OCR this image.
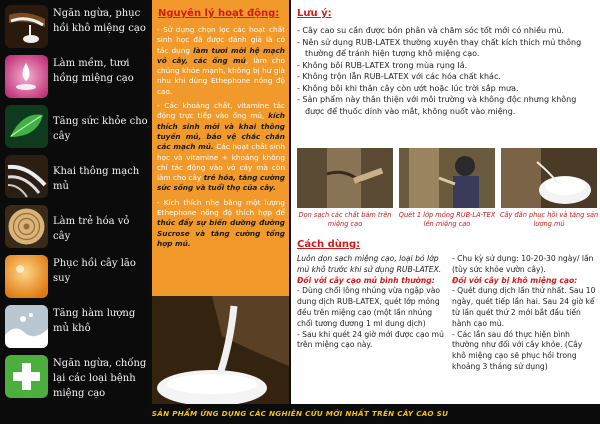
Ngăn ngừa, phục hồi khô miệng cạo
Làm mềm, tươi hồng miệng cạo
Tăng sức khỏe cho cây
Khai thông mạch mủ
Làm trẻ hóa vỏ cây
Phục hồi cây lão suy
Tăng hàm lượng mủ khô
Ngăn ngừa, chống lại các loại bệnh miệng cạo
Nguyên lý hoạt động:

- Sử dụng chọn lọc các hoạt chất sinh học đã được đánh giá là có tác dụng làm tươi mới hệ mạch vỏ cây, các ống mủ, làm cho chúng khỏe mạnh, không bị hư già nhu khi dùng Ethephone nồng độ cao.

- Các khoáng chất, vitamine tác động trực tiếp vào ống mủ, kích thích sinh mới và khai thông tuyến mủ, bảo vệ chắc chắn các mạch mủ. Các hoạt chất sinh học và vitamine + khoáng không chỉ tác động vào vỏ cây mà còn làm cho cây trẻ hóa, tăng cường sức sống và tuổi thọ của cây.

- Kích thích nhẹ bằng một lượng Ethephone nồng độ thích hợp để thúc đẩy sự biến dưỡng đường Sucrose và tăng cường tổng hợp mủ.

Lưu ý:
- Cây cao su cần được bón phân và chăm sóc tốt mới có nhiều mủ.
- Nên sử dụng RUB-LATEX thường xuyên thay chất kích thích mủ thông thường để tránh hiện tượng khô miệng cạo.
- Không bôi RUB-LATEX trong mùa rụng lá.
- Không trộn lẫn RUB-LATEX với các hóa chất khác.
- Không bôi khi thân cây còn ướt hoặc lúc trời sắp mưa.
- Sản phẩm này thân thiện với môi trường và không độc nhưng không được để thuốc dính vào mắt, không nuốt vào miệng.
Dọn sạch các chất bám trên miệng cạo
Quét 1 lớp mỏng RUB-LA-TEX lên miệng cạo
Cây đãn phục hồi và tăng sản lượng mủ
Cách dùng:
Luôn dọn sạch miệng cạo, loại bỏ lớp mủ khô trước khi sử dụng RUB-LATEX.
Đối với cây cạo mủ bình thường:
- Dùng chổi lông nhúng vừa ngập vào dung dịch RUB-LATEX, quét lớp mỏng đều trên miệng cạo (một lần nhúng chổi tương đương 1 ml dung dịch)
- Sau khi quét 24 giờ mới được cạo mủ trên miệng cạo này.
- Chu kỳ sử dụng: 10-20-30 ngày/ lần (tùy sức khỏe vườn cây).
Đối với cây bị khô miệng cạo:
- Quét dung dịch lần thứ nhất. Sau 10 ngày, quét tiếp lần hai. Sau 24 giờ kể từ lần quét thứ 2 mới bắt đầu tiến hành cạo mủ.
- Các lần sau đó thực hiện bình thường như đối với cây khỏe. (Cây khô miệng cạo sẽ phục hồi trong khoảng 3 tháng sử dụng)
SẢN PHẨM ỨNG DỤNG CÁC NGHIÊN CỨU MỚI NHẤT TRÊN CÂY CAO SU
